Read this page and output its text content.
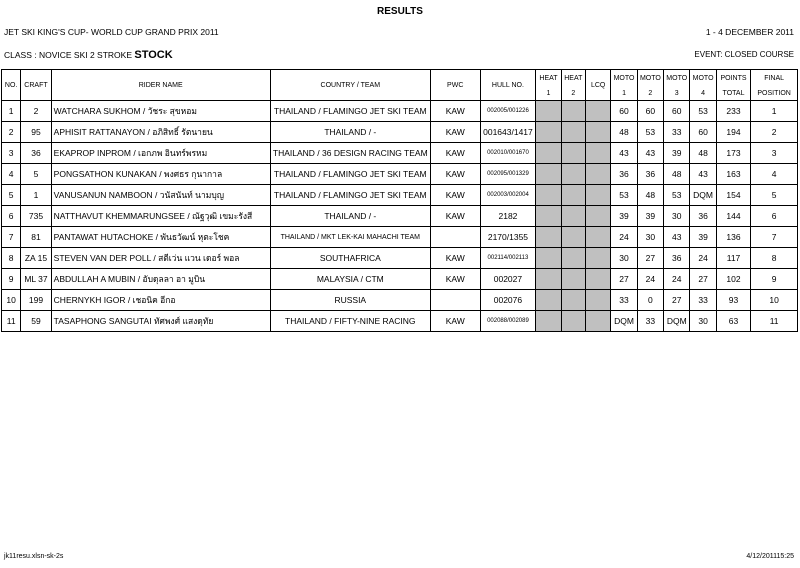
RESULTS
JET SKI KING'S CUP- WORLD CUP GRAND PRIX 2011	1 - 4 DECEMBER 2011
CLASS : NOVICE SKI 2 STROKE STOCK	EVENT: CLOSED COURSE
NO.	CRAFT	RIDER NAME	COUNTRY / TEAM	PWC	HULL NO.	HEAT	HEAT	LCQ	MOTO	MOTO	MOTO	MOTO	POINTS	FINAL
						1	2		1	2	3	4	TOTAL	POSITION
1	2	WATCHARA SUKHOM / วัชระ สุขหอม	THAILAND / FLAMINGO JET SKI TEAM	KAW	002005/001226				60	60	60	53	233	1
2	95	APHISIT RATTANAYON / อภิสิทธิ์ รัตนายน	THAILAND / -	KAW	001643/1417				48	53	33	60	194	2
3	36	EKAPROP INPROM / เอกภพ อินทร์พรหม	THAILAND / 36 DESIGN RACING TEAM	KAW	002010/001670				43	43	39	48	173	3
4	5	PONGSATHON KUNAKAN / พงศธร กุนากาล	THAILAND / FLAMINGO JET SKI TEAM	KAW	002095/001329				36	36	48	43	163	4
5	1	VANUSANUN NAMBOON / วนัสนันท์ นามบุญ	THAILAND / FLAMINGO JET SKI TEAM	KAW	002003/002004				53	48	53	DQM	154	5
6	735	NATTHAVUT KHEMMARUNGSEE / ณัฐวุฒิ เขมะรังสี	THAILAND / -	KAW	2182				39	39	30	36	144	6
7	81	PANTAWAT HUTACHOKE / พันธวัฒน์ หุตะโชค	THAILAND / MKT LEK-KAI MAHACHI TEAM		2170/1355				24	30	43	39	136	7
8	ZA 15	STEVEN VAN DER POLL / สตีเว่น แวน เดอร์ พอล	SOUTHAFRICA	KAW	002114/002113				30	27	36	24	117	8
9	ML 37	ABDULLAH A MUBIN / อับดุลลา อา มูบิน	MALAYSIA / CTM	KAW	002027				27	24	24	27	102	9
10	199	CHERNYKH IGOR / เชอนิค อีกอ	RUSSIA		002076				33	0	27	33	93	10
11	59	TASAPHONG SANGUTAI ทัศพงศ์ แสงดุทัย	THAILAND / FIFTY-NINE RACING	KAW	002088/002089				DQM	33	DQM	30	63	11
jk11resu.xlsn-sk-2s	4/12/201115:25
